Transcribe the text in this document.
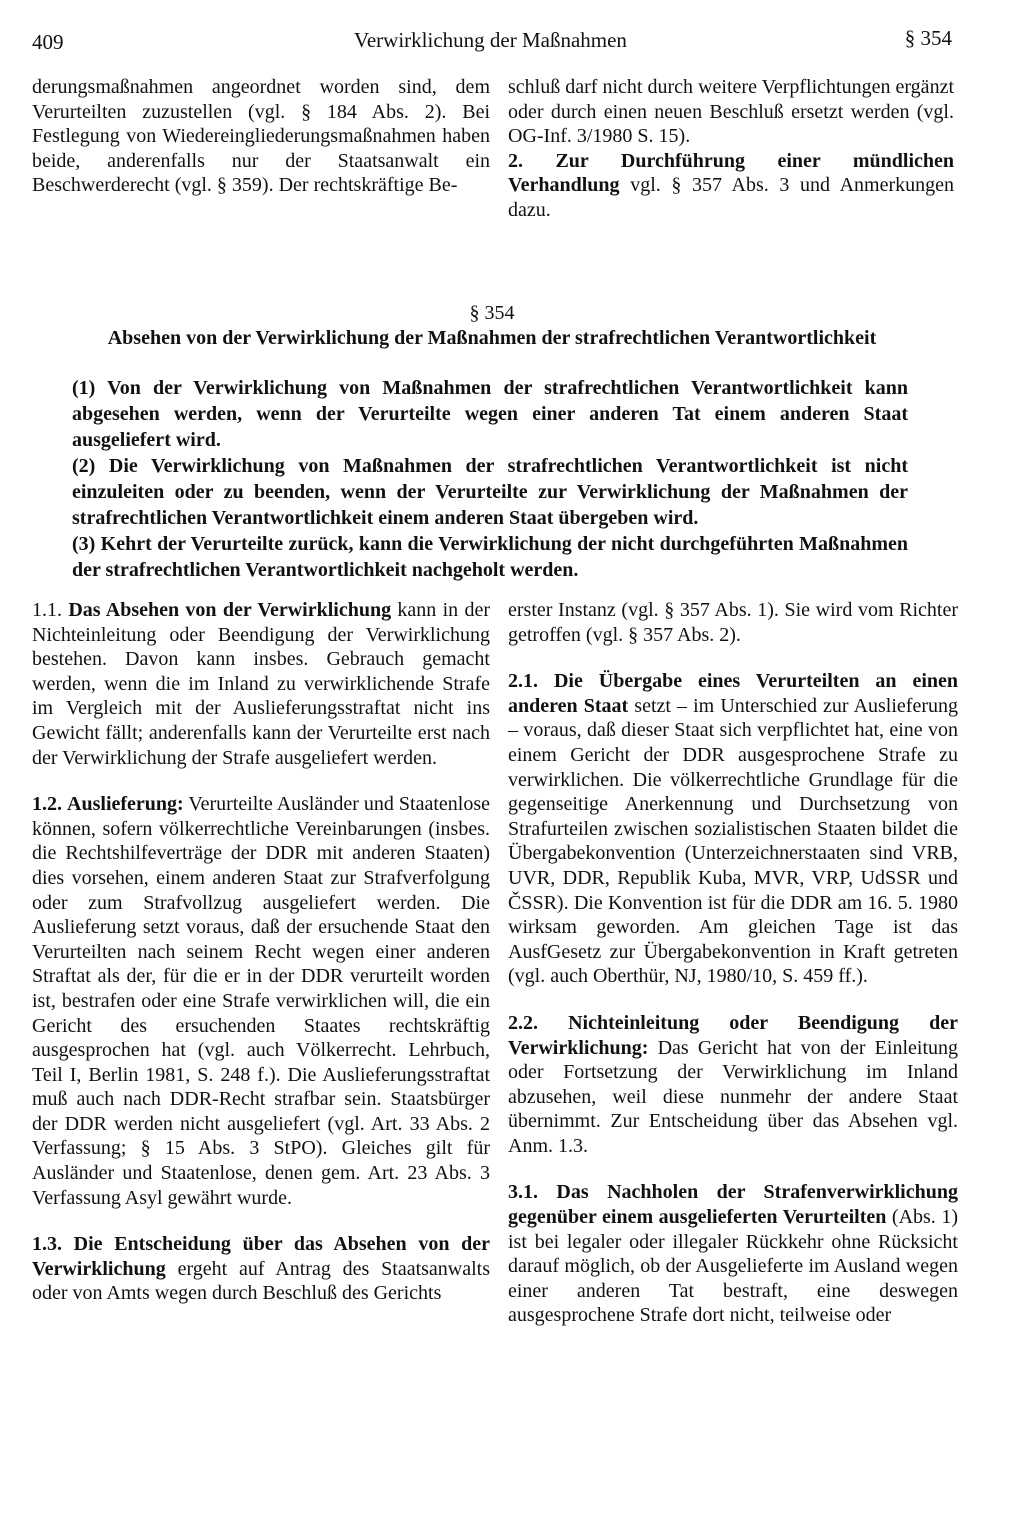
409	Verwirklichung der Maßnahmen	§ 354

derungsmaßnahmen angeordnet worden sind, dem Verurteilten zuzustellen (vgl. § 184 Abs. 2). Bei Festlegung von Wiedereingliederungsmaßnahmen haben beide, anderenfalls nur der Staatsanwalt ein Beschwerderecht (vgl. § 359). Der rechtskräftige Be-

schluß darf nicht durch weitere Verpflichtungen ergänzt oder durch einen neuen Beschluß ersetzt werden (vgl. OG-Inf. 3/1980 S. 15).

2. Zur Durchführung einer mündlichen Verhandlung vgl. § 357 Abs. 3 und Anmerkungen dazu.

§ 354
Absehen von der Verwirklichung der Maßnahmen der strafrechtlichen Verantwortlichkeit

(1) Von der Verwirklichung von Maßnahmen der strafrechtlichen Verantwortlichkeit kann abgesehen werden, wenn der Verurteilte wegen einer anderen Tat einem anderen Staat ausgeliefert wird.

(2) Die Verwirklichung von Maßnahmen der strafrechtlichen Verantwortlichkeit ist nicht einzuleiten oder zu beenden, wenn der Verurteilte zur Verwirklichung der Maßnahmen der strafrechtlichen Verantwortlichkeit einem anderen Staat übergeben wird.

(3) Kehrt der Verurteilte zurück, kann die Verwirklichung der nicht durchgeführten Maßnahmen der strafrechtlichen Verantwortlichkeit nachgeholt werden.

1.1. Das Absehen von der Verwirklichung kann in der Nichteinleitung oder Beendigung der Verwirklichung bestehen. Davon kann insbes. Gebrauch gemacht werden, wenn die im Inland zu verwirklichende Strafe im Vergleich mit der Auslieferungsstraftat nicht ins Gewicht fällt; anderenfalls kann der Verurteilte erst nach der Verwirklichung der Strafe ausgeliefert werden.

1.2. Auslieferung: Verurteilte Ausländer und Staatenlose können, sofern völkerrechtliche Vereinbarungen (insbes. die Rechtshilfeverträge der DDR mit anderen Staaten) dies vorsehen, einem anderen Staat zur Strafverfolgung oder zum Strafvollzug ausgeliefert werden. Die Auslieferung setzt voraus, daß der ersuchende Staat den Verurteilten nach seinem Recht wegen einer anderen Straftat als der, für die er in der DDR verurteilt worden ist, bestrafen oder eine Strafe verwirklichen will, die ein Gericht des ersuchenden Staates rechtskräftig ausgesprochen hat (vgl. auch Völkerrecht. Lehrbuch, Teil I, Berlin 1981, S. 248 f.). Die Auslieferungsstraftat muß auch nach DDR-Recht strafbar sein. Staatsbürger der DDR werden nicht ausgeliefert (vgl. Art. 33 Abs. 2 Verfassung; § 15 Abs. 3 StPO). Gleiches gilt für Ausländer und Staatenlose, denen gem. Art. 23 Abs. 3 Verfassung Asyl gewährt wurde.

1.3. Die Entscheidung über das Absehen von der Verwirklichung ergeht auf Antrag des Staatsanwalts oder von Amts wegen durch Beschluß des Gerichts

erster Instanz (vgl. § 357 Abs. 1). Sie wird vom Richter getroffen (vgl. § 357 Abs. 2).

2.1. Die Übergabe eines Verurteilten an einen anderen Staat setzt – im Unterschied zur Auslieferung – voraus, daß dieser Staat sich verpflichtet hat, eine von einem Gericht der DDR ausgesprochene Strafe zu verwirklichen. Die völkerrechtliche Grundlage für die gegenseitige Anerkennung und Durchsetzung von Strafurteilen zwischen sozialistischen Staaten bildet die Übergabekonvention (Unterzeichnerstaaten sind VRB, UVR, DDR, Republik Kuba, MVR, VRP, UdSSR und ČSSR). Die Konvention ist für die DDR am 16. 5. 1980 wirksam geworden. Am gleichen Tage ist das AusfGesetz zur Übergabekonvention in Kraft getreten (vgl. auch Oberthür, NJ, 1980/10, S. 459 ff.).

2.2. Nichteinleitung oder Beendigung der Verwirklichung: Das Gericht hat von der Einleitung oder Fortsetzung der Verwirklichung im Inland abzusehen, weil diese nunmehr der andere Staat übernimmt. Zur Entscheidung über das Absehen vgl. Anm. 1.3.

3.1. Das Nachholen der Strafenverwirklichung gegenüber einem ausgelieferten Verurteilten (Abs. 1) ist bei legaler oder illegaler Rückkehr ohne Rücksicht darauf möglich, ob der Ausgelieferte im Ausland wegen einer anderen Tat bestraft, eine deswegen ausgesprochene Strafe dort nicht, teilweise oder
